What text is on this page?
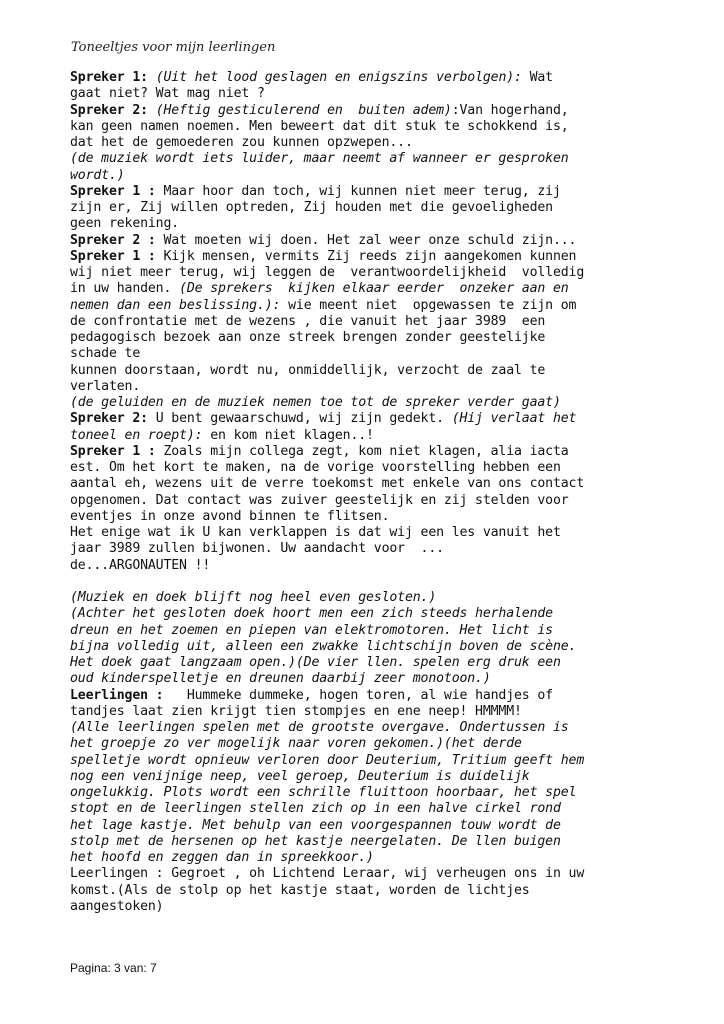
Toneeltjes voor mijn leerlingen
Spreker 1: (Uit het lood geslagen en enigszins verbolgen): Wat
gaat niet? Wat mag niet ?
Spreker 2: (Heftig gesticulerend en  buiten adem):Van hogerhand,
kan geen namen noemen. Men beweert dat dit stuk te schokkend is,
dat het de gemoederen zou kunnen opzwepen...
(de muziek wordt iets luider, maar neemt af wanneer er gesproken
wordt.)
Spreker 1 : Maar hoor dan toch, wij kunnen niet meer terug, zij
zijn er, Zij willen optreden, Zij houden met die gevoeligheden
geen rekening.
Spreker 2 : Wat moeten wij doen. Het zal weer onze schuld zijn...
Spreker 1 : Kijk mensen, vermits Zij reeds zijn aangekomen kunnen
wij niet meer terug, wij leggen de  verantwoordelijkheid  volledig
in uw handen. (De sprekers  kijken elkaar eerder  onzeker aan en
nemen dan een beslissing.): wie meent niet  opgewassen te zijn om
de confrontatie met de wezens , die vanuit het jaar 3989  een
pedagogisch bezoek aan onze streek brengen zonder geestelijke
schade te
kunnen doorstaan, wordt nu, onmiddellijk, verzocht de zaal te
verlaten.
(de geluiden en de muziek nemen toe tot de spreker verder gaat)
Spreker 2: U bent gewaarschuwd, wij zijn gedekt. (Hij verlaat het
toneel en roept): en kom niet klagen..!
Spreker 1 : Zoals mijn collega zegt, kom niet klagen, alia iacta
est. Om het kort te maken, na de vorige voorstelling hebben een
aantal eh, wezens uit de verre toekomst met enkele van ons contact
opgenomen. Dat contact was zuiver geestelijk en zij stelden voor
eventjes in onze avond binnen te flitsen.
Het enige wat ik U kan verklappen is dat wij een les vanuit het
jaar 3989 zullen bijwonen. Uw aandacht voor  ...
de...ARGONAUTEN !!
(Muziek en doek blijft nog heel even gesloten.)
(Achter het gesloten doek hoort men een zich steeds herhalende
dreun en het zoemen en piepen van elektromotoren. Het licht is
bijna volledig uit, alleen een zwakke lichtschijn boven de scène.
Het doek gaat langzaam open.)(De vier llen. spelen erg druk een
oud kinderspelletje en dreunen daarbij zeer monotoon.)
Leerlingen :   Hummeke dummeke, hogen toren, al wie handjes of
tandjes laat zien krijgt tien stompjes en ene neep! HMMMM!
(Alle leerlingen spelen met de grootste overgave. Ondertussen is
het groepje zo ver mogelijk naar voren gekomen.)(het derde
spelletje wordt opnieuw verloren door Deuterium, Tritium geeft hem
nog een venijnige neep, veel geroep, Deuterium is duidelijk
ongelukkig. Plots wordt een schrille fluittoon hoorbaar, het spel
stopt en de leerlingen stellen zich op in een halve cirkel rond
het lage kastje. Met behulp van een voorgespannen touw wordt de
stolp met de hersenen op het kastje neergelaten. De llen buigen
het hoofd en zeggen dan in spreekkoor.)
Leerlingen : Gegroet , oh Lichtend Leraar, wij verheugen ons in uw
komst.(Als de stolp op het kastje staat, worden de lichtjes
aangestoken)
Pagina: 3 van: 7
